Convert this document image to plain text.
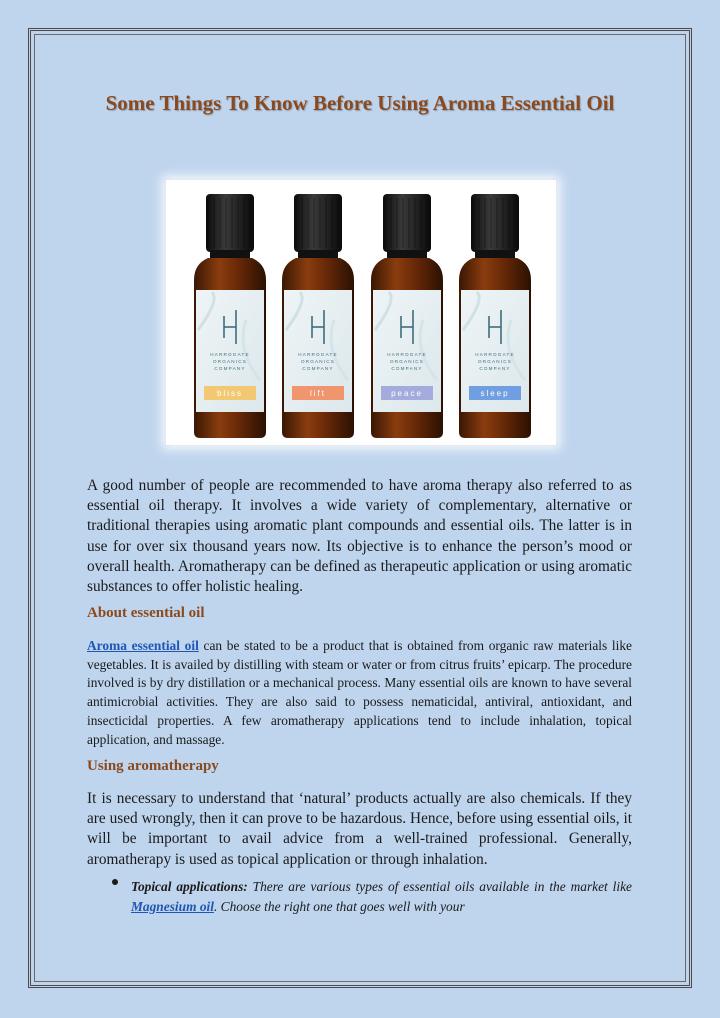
Some Things To Know Before Using Aroma Essential Oil
HARROGATE
ORGANICS
COMPANY
bliss
HARROGATE
ORGANICS
COMPANY
lift
HARROGATE
ORGANICS
COMPANY
peace
HARROGATE
ORGANICS
COMPANY
sleep
A good number of people are recommended to have aroma therapy also referred to as essential oil therapy. It involves a wide variety of complementary, alternative or traditional therapies using aromatic plant compounds and essential oils. The latter is in use for over six thousand years now. Its objective is to enhance the person’s mood or overall health. Aromatherapy can be defined as therapeutic application or using aromatic substances to offer holistic healing.
About essential oil
Aroma essential oil can be stated to be a product that is obtained from organic raw materials like vegetables. It is availed by distilling with steam or water or from citrus fruits’ epicarp. The procedure involved is by dry distillation or a mechanical process. Many essential oils are known to have several antimicrobial activities. They are also said to possess nematicidal, antiviral, antioxidant, and insecticidal properties. A few aromatherapy applications tend to include inhalation, topical application, and massage.
Using aromatherapy
It is necessary to understand that ‘natural’ products actually are also chemicals. If they are used wrongly, then it can prove to be hazardous. Hence, before using essential oils, it will be important to avail advice from a well-trained professional. Generally, aromatherapy is used as topical application or through inhalation.
Topical applications: There are various types of essential oils available in the market like Magnesium oil. Choose the right one that goes well with your
